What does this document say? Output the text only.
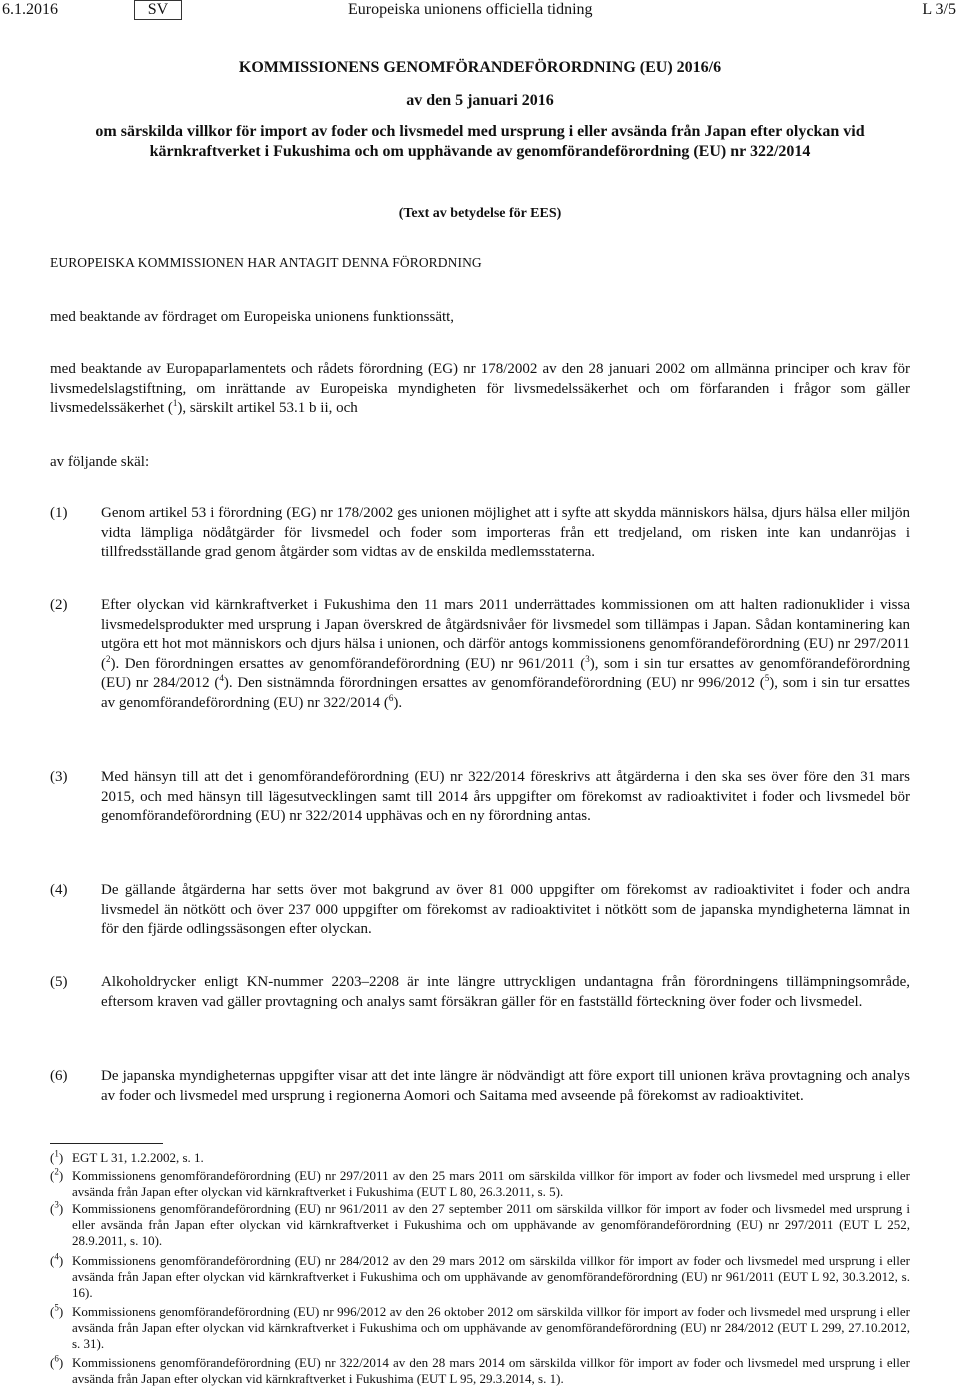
6.1.2016	SV	Europeiska unionens officiella tidning	L 3/5
KOMMISSIONENS GENOMFÖRANDEFÖRORDNING (EU) 2016/6
av den 5 januari 2016
om särskilda villkor för import av foder och livsmedel med ursprung i eller avsända från Japan efter olyckan vid kärnkraftverket i Fukushima och om upphävande av genomförandeförordning (EU) nr 322/2014
(Text av betydelse för EES)

EUROPEISKA KOMMISSIONEN HAR ANTAGIT DENNA FÖRORDNING

med beaktande av fördraget om Europeiska unionens funktionssätt,

med beaktande av Europaparlamentets och rådets förordning (EG) nr 178/2002 av den 28 januari 2002 om allmänna principer och krav för livsmedelslagstiftning, om inrättande av Europeiska myndigheten för livsmedelssäkerhet och om förfaranden i frågor som gäller livsmedelssäkerhet ($^1$), särskilt artikel 53.1 b ii, och

av följande skäl:

(1)	Genom artikel 53 i förordning (EG) nr 178/2002 ges unionen möjlighet att i syfte att skydda människors hälsa, djurs hälsa eller miljön vidta lämpliga nödåtgärder för livsmedel och foder som importeras från ett tredjeland, om risken inte kan undanröjas i tillfredsställande grad genom åtgärder som vidtas av de enskilda medlemsstaterna.

(2)	Efter olyckan vid kärnkraftverket i Fukushima den 11 mars 2011 underrättades kommissionen om att halten radionuklider i vissa livsmedelsprodukter med ursprung i Japan överskred de åtgärdsnivåer för livsmedel som tillämpas i Japan. Sådan kontaminering kan utgöra ett hot mot människors och djurs hälsa i unionen, och därför antogs kommissionens genomförandeförordning (EU) nr 297/2011 ($^2$). Den förordningen ersattes av genomförandeförordning (EU) nr 961/2011 ($^3$), som i sin tur ersattes av genomförandeförordning (EU) nr 284/2012 ($^4$). Den sistnämnda förordningen ersattes av genomförandeförordning (EU) nr 996/2012 ($^5$), som i sin tur ersattes av genomförandeförordning (EU) nr 322/2014 ($^6$).

(3)	Med hänsyn till att det i genomförandeförordning (EU) nr 322/2014 föreskrivs att åtgärderna i den ska ses över före den 31 mars 2015, och med hänsyn till lägesutvecklingen samt till 2014 års uppgifter om förekomst av radioaktivitet i foder och livsmedel bör genomförandeförordning (EU) nr 322/2014 upphävas och en ny förordning antas.

(4)	De gällande åtgärderna har setts över mot bakgrund av över 81 000 uppgifter om förekomst av radioaktivitet i foder och andra livsmedel än nötkött och över 237 000 uppgifter om förekomst av radioaktivitet i nötkött som de japanska myndigheterna lämnat in för den fjärde odlingssäsongen efter olyckan.

(5)	Alkoholdrycker enligt KN-nummer 2203–2208 är inte längre uttryckligen undantagna från förordningens tillämpningsområde, eftersom kraven vad gäller provtagning och analys samt försäkran gäller för en fastställd förteckning över foder och livsmedel.

(6)	De japanska myndigheternas uppgifter visar att det inte längre är nödvändigt att före export till unionen kräva provtagning och analys av foder och livsmedel med ursprung i regionerna Aomori och Saitama med avseende på förekomst av radioaktivitet.

($^1$) EGT L 31, 1.2.2002, s. 1.

($^2$) Kommissionens genomförandeförordning (EU) nr 297/2011 av den 25 mars 2011 om särskilda villkor för import av foder och livsmedel med ursprung i eller avsända från Japan efter olyckan vid kärnkraftverket i Fukushima (EUT L 80, 26.3.2011, s. 5).

($^3$) Kommissionens genomförandeförordning (EU) nr 961/2011 av den 27 september 2011 om särskilda villkor för import av foder och livsmedel med ursprung i eller avsända från Japan efter olyckan vid kärnkraftverket i Fukushima och om upphävande av genomförandeförordning (EU) nr 297/2011 (EUT L 252, 28.9.2011, s. 10).

($^4$) Kommissionens genomförandeförordning (EU) nr 284/2012 av den 29 mars 2012 om särskilda villkor för import av foder och livsmedel med ursprung i eller avsända från Japan efter olyckan vid kärnkraftverket i Fukushima och om upphävande av genomförandeförordning (EU) nr 961/2011 (EUT L 92, 30.3.2012, s. 16).

($^5$) Kommissionens genomförandeförordning (EU) nr 996/2012 av den 26 oktober 2012 om särskilda villkor för import av foder och livsmedel med ursprung i eller avsända från Japan efter olyckan vid kärnkraftverket i Fukushima och om upphävande av genomförandeförordning (EU) nr 284/2012 (EUT L 299, 27.10.2012, s. 31).

($^6$) Kommissionens genomförandeförordning (EU) nr 322/2014 av den 28 mars 2014 om särskilda villkor för import av foder och livsmedel med ursprung i eller avsända från Japan efter olyckan vid kärnkraftverket i Fukushima (EUT L 95, 29.3.2014, s. 1).
